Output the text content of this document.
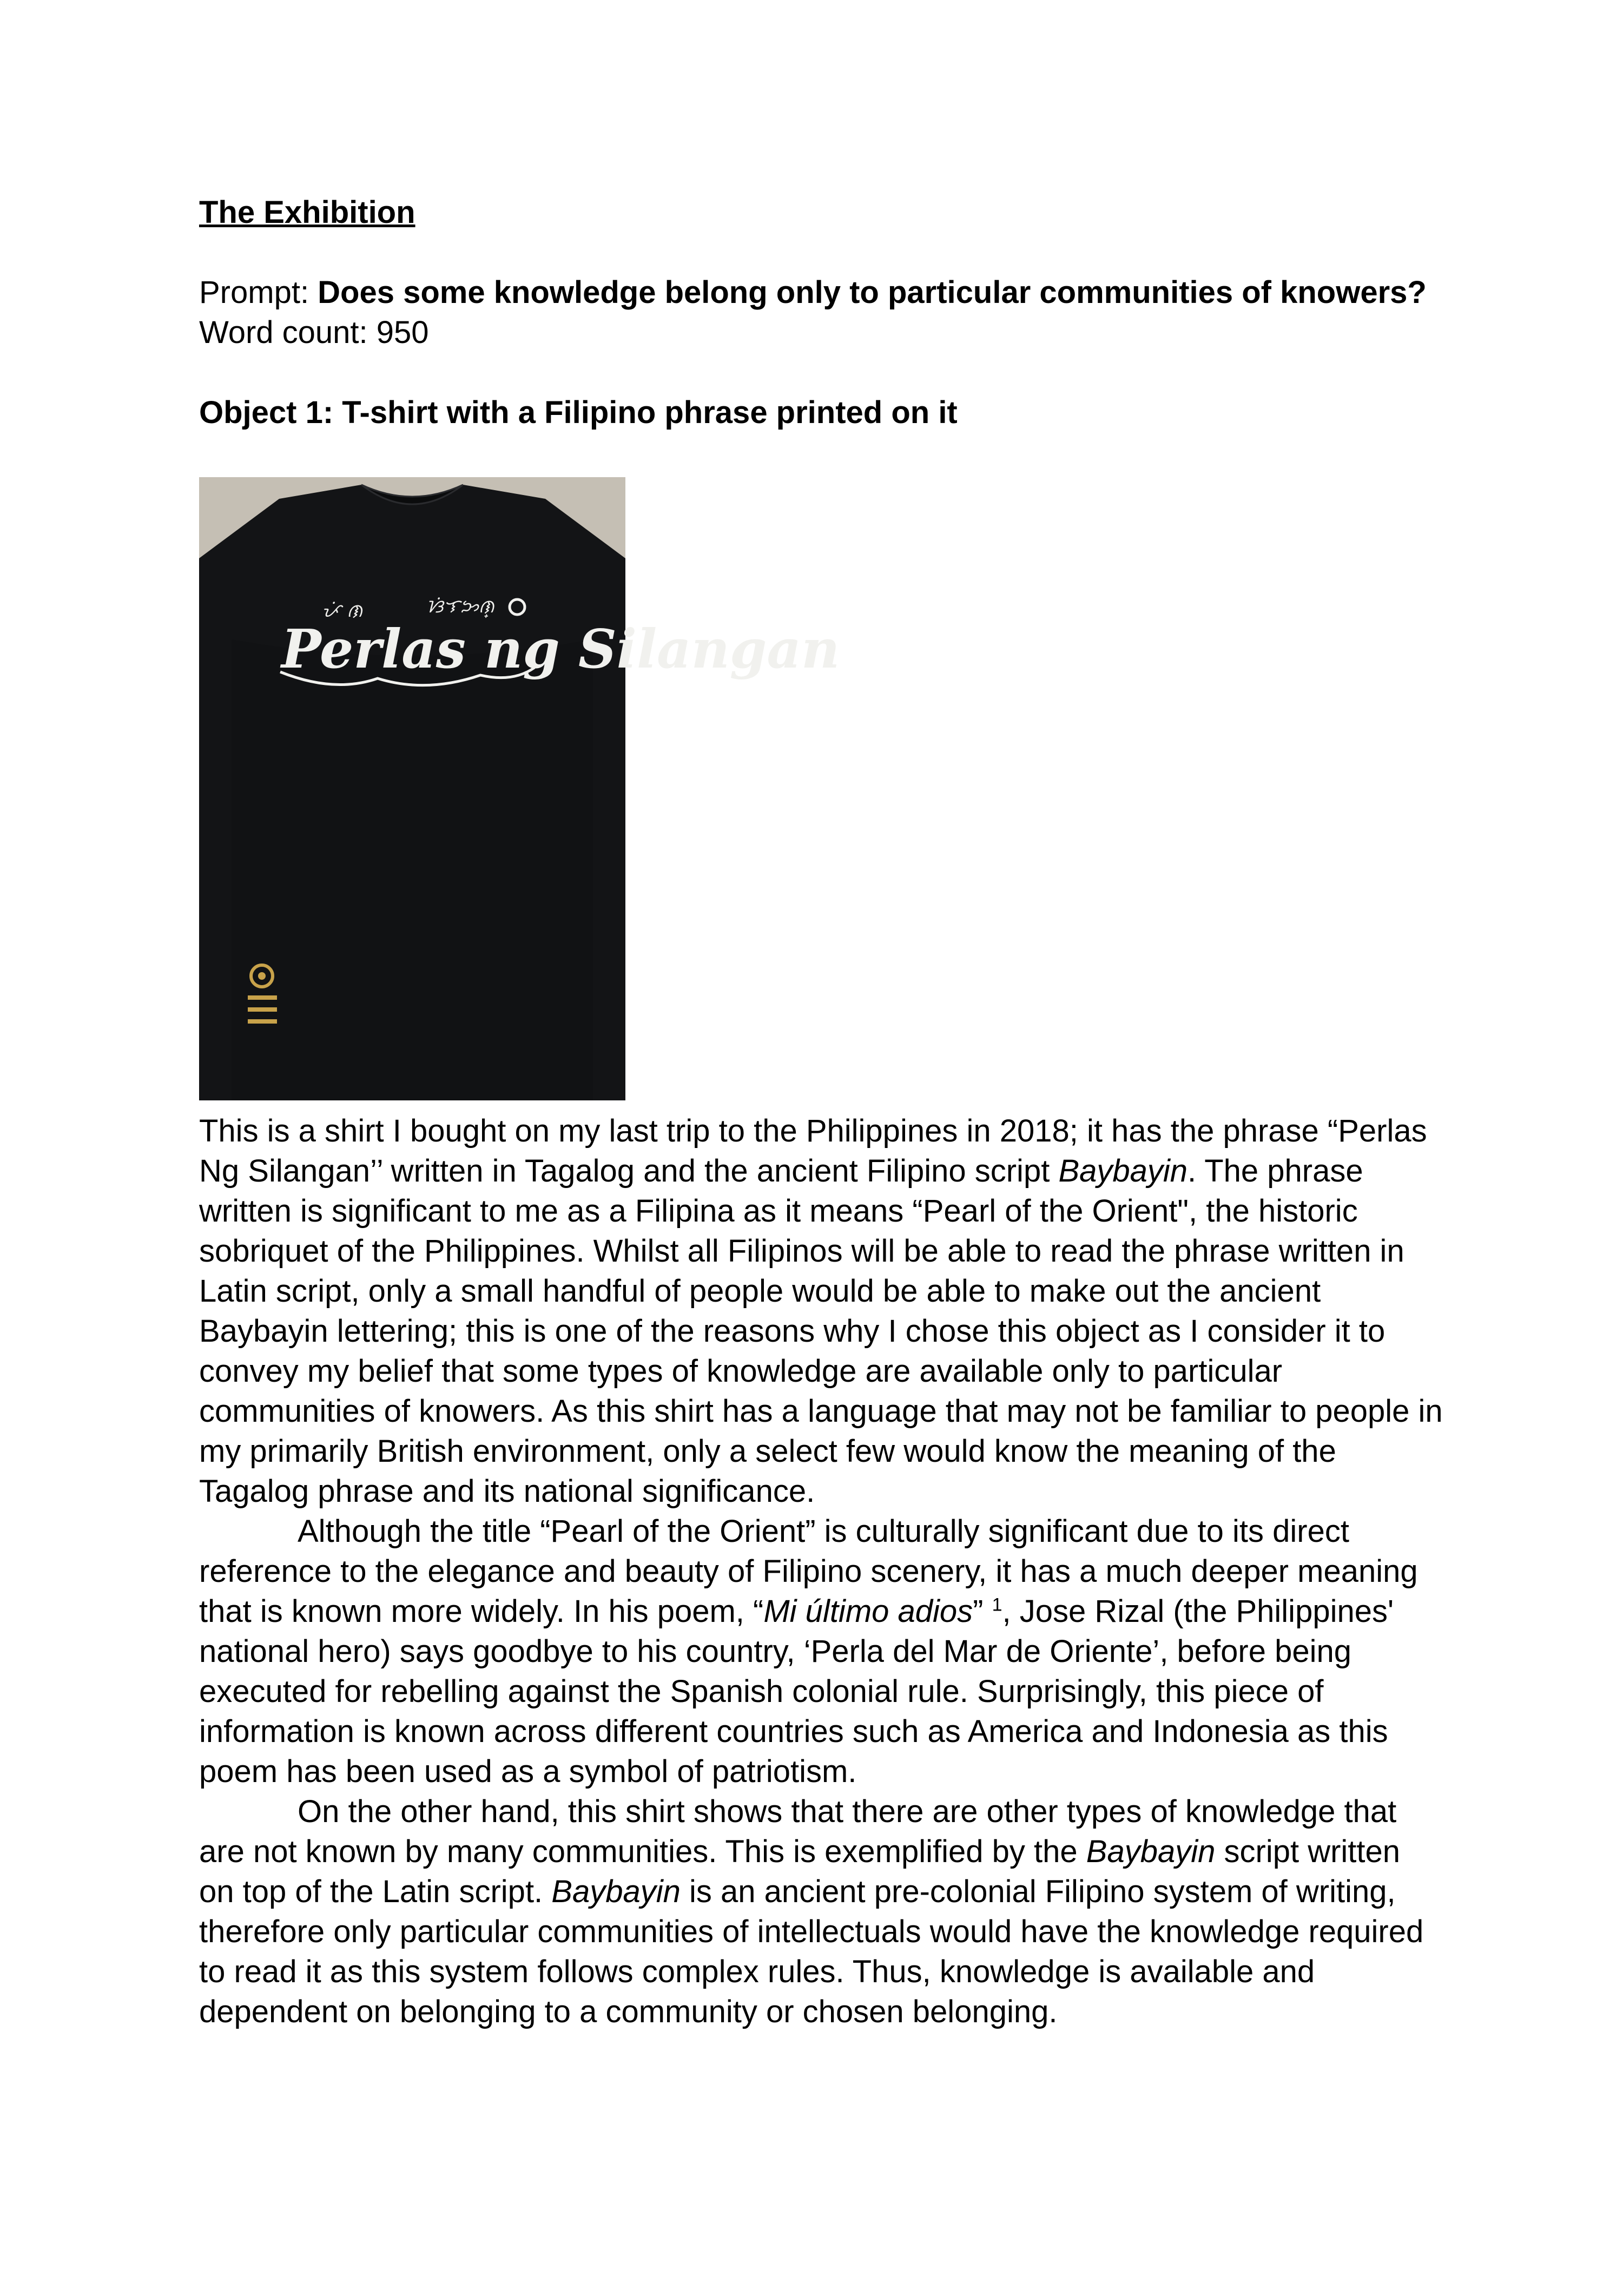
The Exhibition

Prompt: Does some knowledge belong only to particular communities of knowers?

Word count: 950

Object 1: T-shirt with a Filipino phrase printed on it

ᜉᜒ ᜈ	ᜐᜒᜎᜅᜈ᜔
Perlas ng Silangan

This is a shirt I bought on my last trip to the Philippines in 2018; it has the phrase “Perlas Ng Silangan’’ written in Tagalog and the ancient Filipino script Baybayin. The phrase written is significant to me as a Filipina as it means “Pearl of the Orient", the historic sobriquet of the Philippines. Whilst all Filipinos will be able to read the phrase written in Latin script, only a small handful of people would be able to make out the ancient Baybayin lettering; this is one of the reasons why I chose this object as I consider it to convey my belief that some types of knowledge are available only to particular communities of knowers. As this shirt has a language that may not be familiar to people in my primarily British environment, only a select few would know the meaning of the Tagalog phrase and its national significance.

Although the title “Pearl of the Orient” is culturally significant due to its direct reference to the elegance and beauty of Filipino scenery, it has a much deeper meaning that is known more widely. In his poem, “Mi último adios” $^1$, Jose Rizal (the Philippines' national hero) says goodbye to his country, ‘Perla del Mar de Oriente’, before being executed for rebelling against the Spanish colonial rule. Surprisingly, this piece of information is known across different countries such as America and Indonesia as this poem has been used as a symbol of patriotism.

On the other hand, this shirt shows that there are other types of knowledge that are not known by many communities. This is exemplified by the Baybayin script written on top of the Latin script. Baybayin is an ancient pre-colonial Filipino system of writing, therefore only particular communities of intellectuals would have the knowledge required to read it as this system follows complex rules. Thus, knowledge is available and dependent on belonging to a community or chosen belonging.
